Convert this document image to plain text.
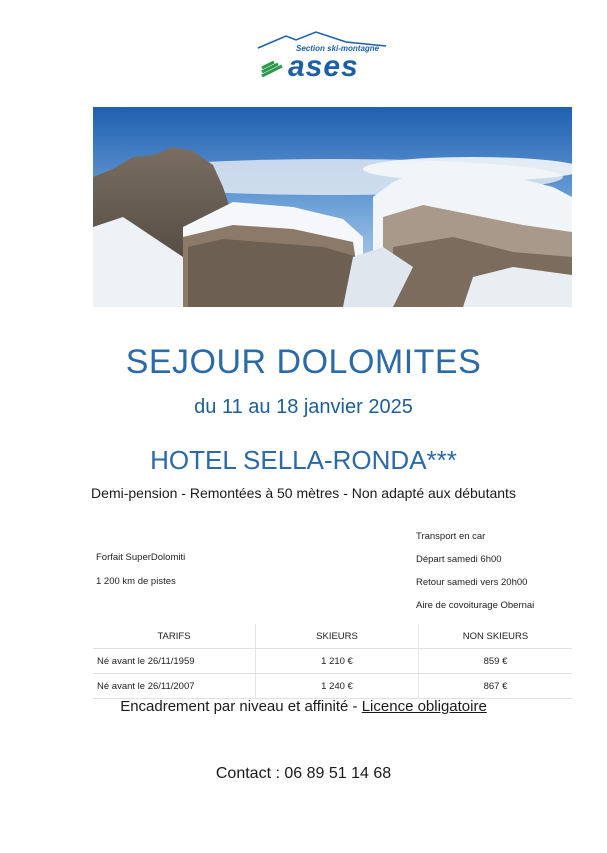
Section ski-montagne
ases
SEJOUR DOLOMITES
du 11 au 18 janvier 2025
HOTEL SELLA-RONDA***
Demi-pension - Remontées à 50 mètres - Non adapté aux débutants
Forfait SuperDolomiti
1 200 km de pistes
Transport en car
Départ samedi 6h00
Retour samedi vers 20h00
Aire de covoiturage Obernai
TARIFS	SKIEURS	NON SKIEURS
Né avant le 26/11/1959	1 210 €	859 €
Né avant le 26/11/2007	1 240 €	867 €
Encadrement par niveau et affinité - Licence obligatoire
Contact : 06 89 51 14 68
